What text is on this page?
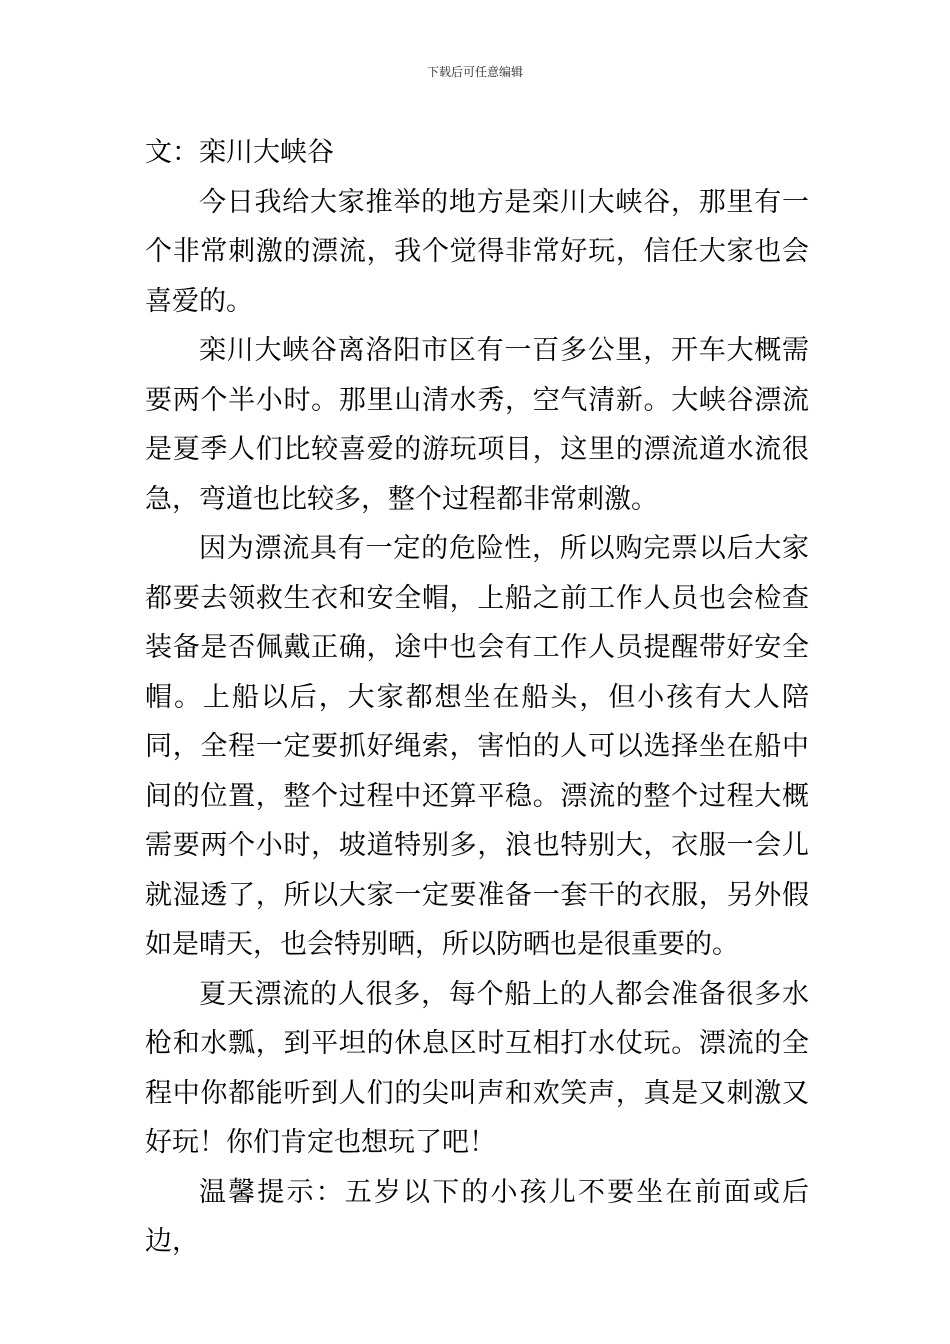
下载后可任意编辑

文：栾川大峡谷

今日我给大家推举的地方是栾川大峡谷，那里有一个非常刺激的漂流，我个觉得非常好玩，信任大家也会喜爱的。

栾川大峡谷离洛阳市区有一百多公里，开车大概需要两个半小时。那里山清水秀，空气清新。大峡谷漂流是夏季人们比较喜爱的游玩项目，这里的漂流道水流很急，弯道也比较多，整个过程都非常刺激。

因为漂流具有一定的危险性，所以购完票以后大家都要去领救生衣和安全帽，上船之前工作人员也会检查装备是否佩戴正确，途中也会有工作人员提醒带好安全帽。上船以后，大家都想坐在船头，但小孩有大人陪同，全程一定要抓好绳索，害怕的人可以选择坐在船中间的位置，整个过程中还算平稳。漂流的整个过程大概需要两个小时，坡道特别多，浪也特别大，衣服一会儿就湿透了，所以大家一定要准备一套干的衣服，另外假如是晴天，也会特别晒，所以防晒也是很重要的。

夏天漂流的人很多，每个船上的人都会准备很多水枪和水瓢，到平坦的休息区时互相打水仗玩。漂流的全程中你都能听到人们的尖叫声和欢笑声，真是又刺激又好玩！你们肯定也想玩了吧！

温馨提示：五岁以下的小孩儿不要坐在前面或后边，
